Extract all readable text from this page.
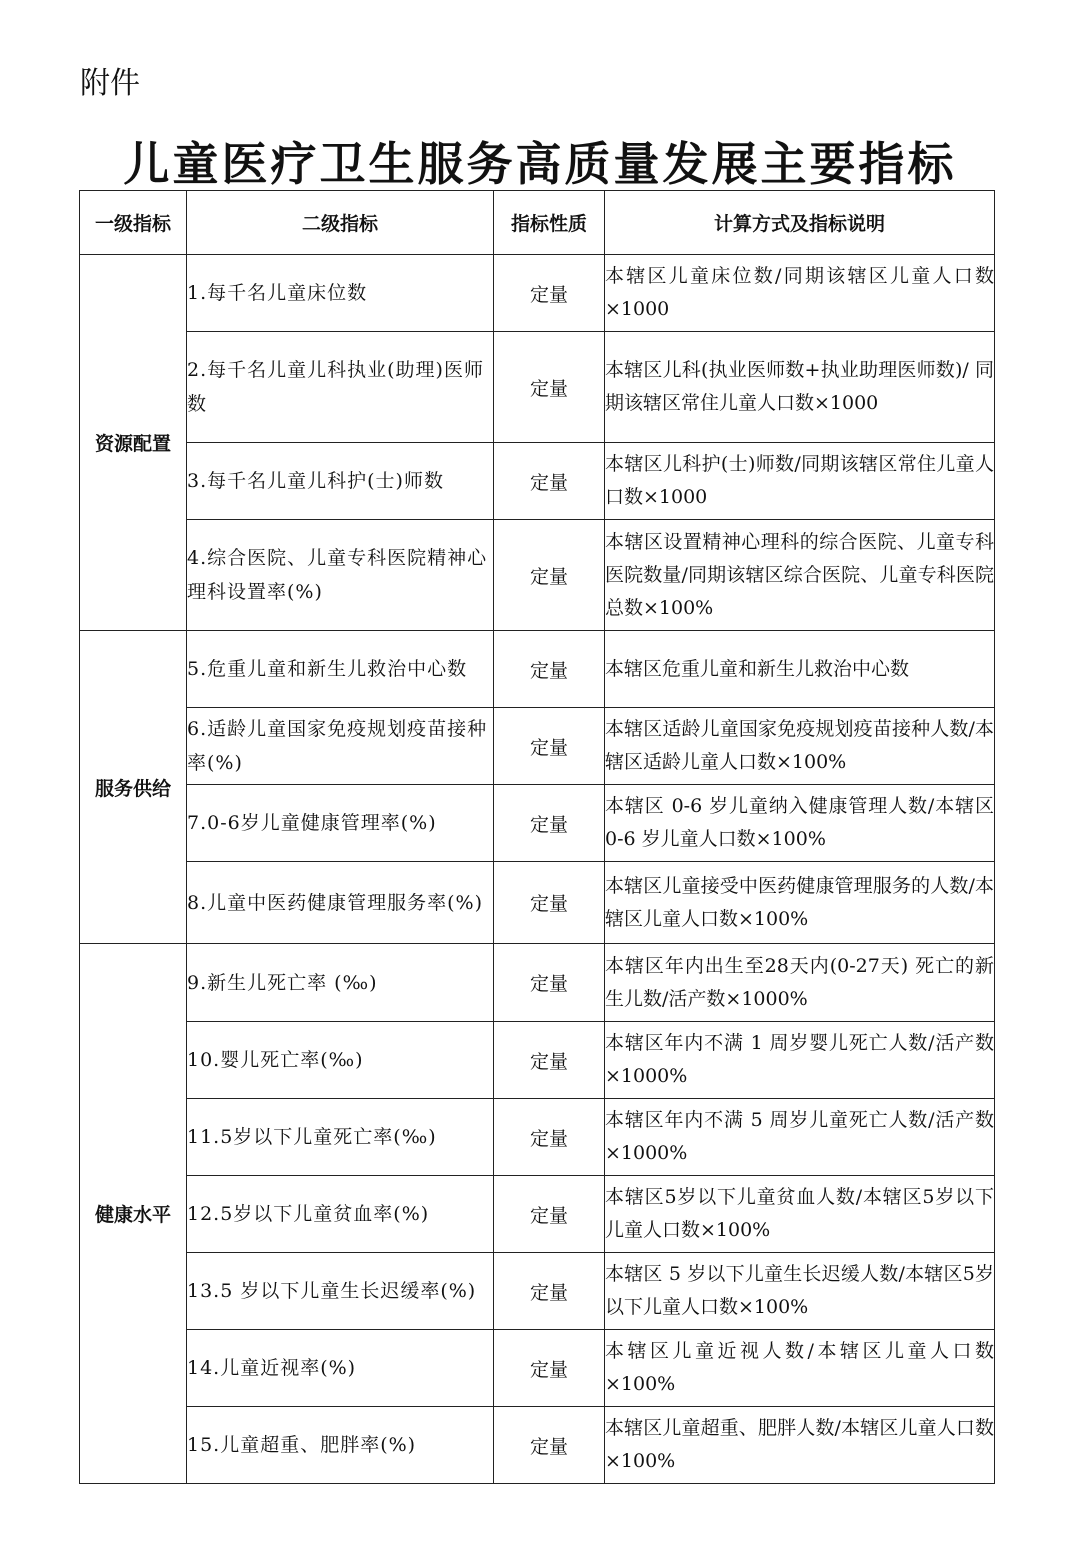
附件
儿童医疗卫生服务高质量发展主要指标
一级指标	二级指标	指标性质	计算方式及指标说明
资源配置	1.每千名儿童床位数	定量	本辖区儿童床位数/同期该辖区儿童人口数×1000
	2.每千名儿童儿科执业(助理)医师数	定量	本辖区儿科(执业医师数+执业助理医师数)/ 同期该辖区常住儿童人口数×1000
	3.每千名儿童儿科护(士)师数	定量	本辖区儿科护(士)师数/同期该辖区常住儿童人口数×1000
	4.综合医院、儿童专科医院精神心理科设置率(%)	定量	本辖区设置精神心理科的综合医院、儿童专科医院数量/同期该辖区综合医院、儿童专科医院总数×100%
服务供给	5.危重儿童和新生儿救治中心数	定量	本辖区危重儿童和新生儿救治中心数
	6.适龄儿童国家免疫规划疫苗接种率(%)	定量	本辖区适龄儿童国家免疫规划疫苗接种人数/本辖区适龄儿童人口数×100%
	7.0-6岁儿童健康管理率(%)	定量	本辖区 0-6 岁儿童纳入健康管理人数/本辖区 0-6 岁儿童人口数×100%
	8.儿童中医药健康管理服务率(%)	定量	本辖区儿童接受中医药健康管理服务的人数/本辖区儿童人口数×100%
健康水平	9.新生儿死亡率 (‰)	定量	本辖区年内出生至28天内(0-27天) 死亡的新生儿数/活产数×1000%
	10.婴儿死亡率(‰)	定量	本辖区年内不满 1 周岁婴儿死亡人数/活产数×1000%
	11.5岁以下儿童死亡率(‰)	定量	本辖区年内不满 5 周岁儿童死亡人数/活产数×1000%
	12.5岁以下儿童贫血率(%)	定量	本辖区5岁以下儿童贫血人数/本辖区5岁以下儿童人口数×100%
	13.5 岁以下儿童生长迟缓率(%)	定量	本辖区 5 岁以下儿童生长迟缓人数/本辖区5岁以下儿童人口数×100%
	14.儿童近视率(%)	定量	本辖区儿童近视人数/本辖区儿童人口数×100%
	15.儿童超重、肥胖率(%)	定量	本辖区儿童超重、肥胖人数/本辖区儿童人口数×100%
